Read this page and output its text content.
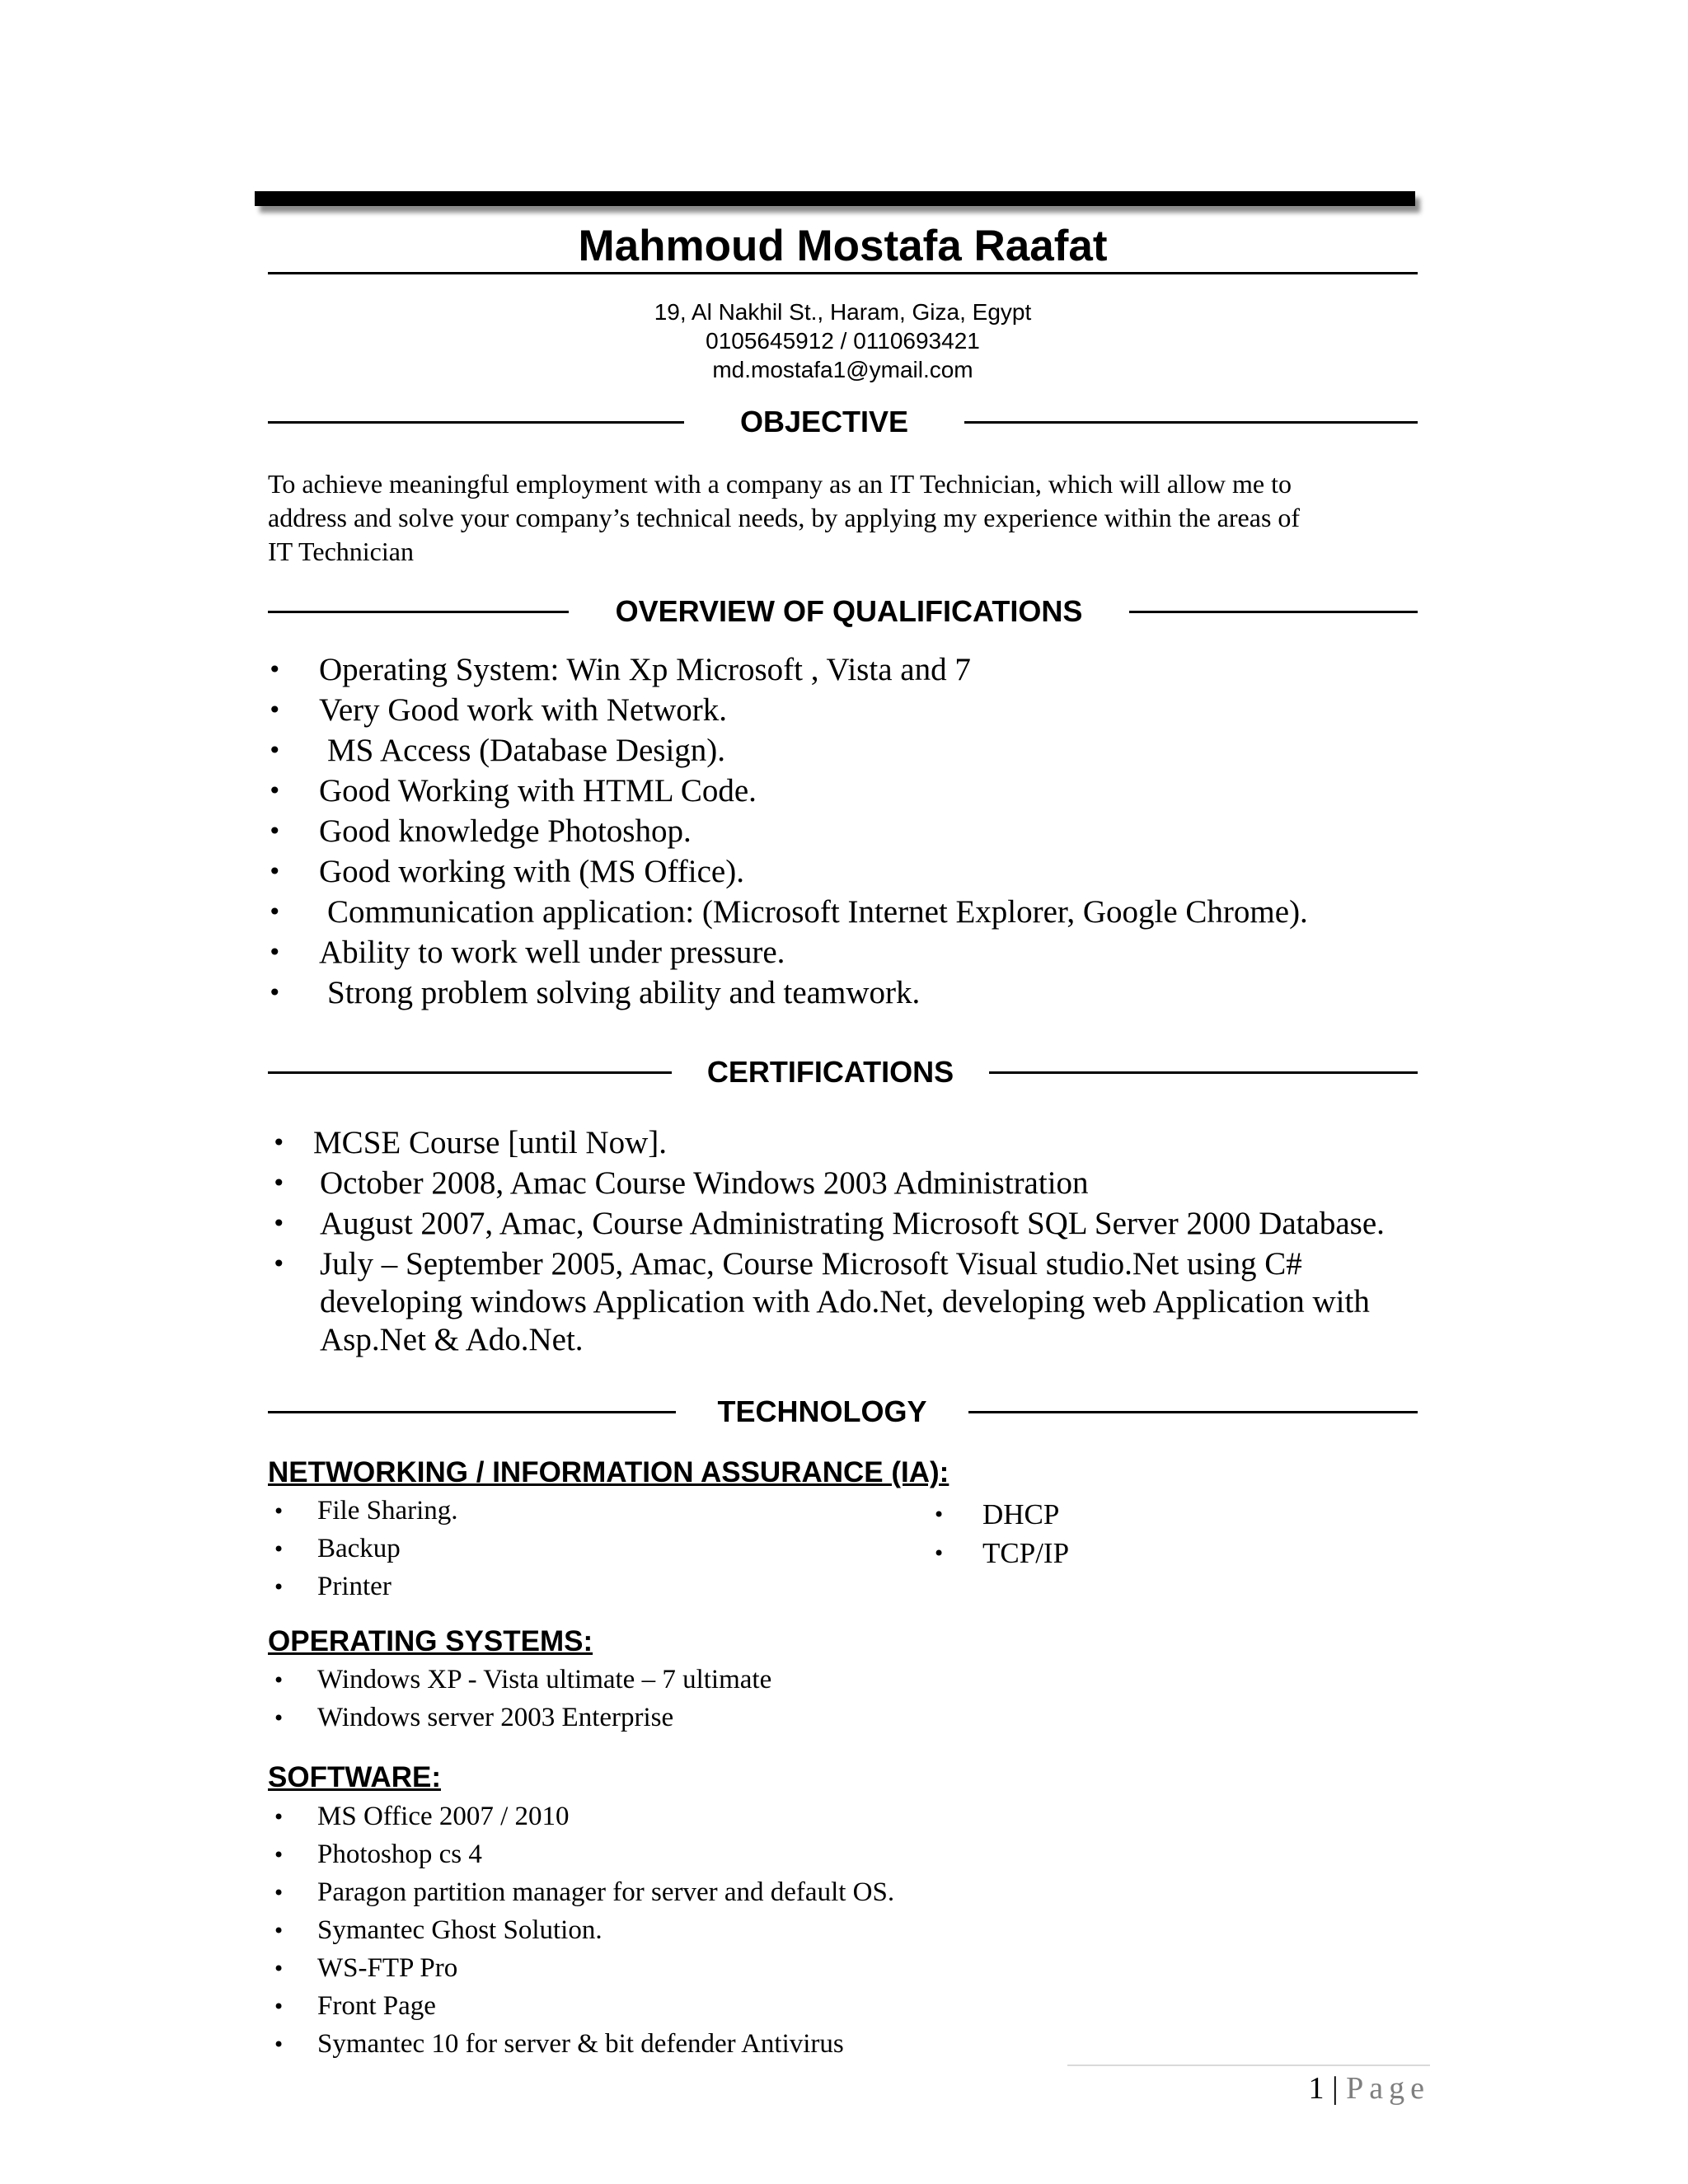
Mahmoud Mostafa Raafat
19, Al Nakhil St., Haram, Giza, Egypt
0105645912 / 0110693421
md.mostafa1@ymail.com
OBJECTIVE
To achieve meaningful employment with a company as an IT Technician, which will allow me to
address and solve your company’s technical needs, by applying my experience within the areas of
IT Technician
OVERVIEW OF QUALIFICATIONS
• Operating System: Win Xp Microsoft , Vista and 7
• Very Good work with Network.
• MS Access (Database Design).
• Good Working with HTML Code.
• Good knowledge Photoshop.
• Good working with (MS Office).
• Communication application: (Microsoft Internet Explorer, Google Chrome).
• Ability to work well under pressure.
• Strong problem solving ability and teamwork.
CERTIFICATIONS
• MCSE Course [until Now].
• October 2008, Amac Course Windows 2003 Administration
• August 2007, Amac, Course Administrating Microsoft SQL Server 2000 Database.
• July – September 2005, Amac, Course Microsoft Visual studio.Net using C#
developing windows Application with Ado.Net, developing web Application with
Asp.Net & Ado.Net.
TECHNOLOGY
NETWORKING / INFORMATION ASSURANCE (IA):
• File Sharing.
• Backup
• Printer
• DHCP
• TCP/IP
OPERATING SYSTEMS:
• Windows XP - Vista ultimate – 7 ultimate
• Windows server 2003 Enterprise
SOFTWARE:
• MS Office 2007 / 2010
• Photoshop cs 4
• Paragon partition manager for server and default OS.
• Symantec Ghost Solution.
• WS-FTP Pro
• Front Page
• Symantec 10 for server & bit defender Antivirus
1 | Page
